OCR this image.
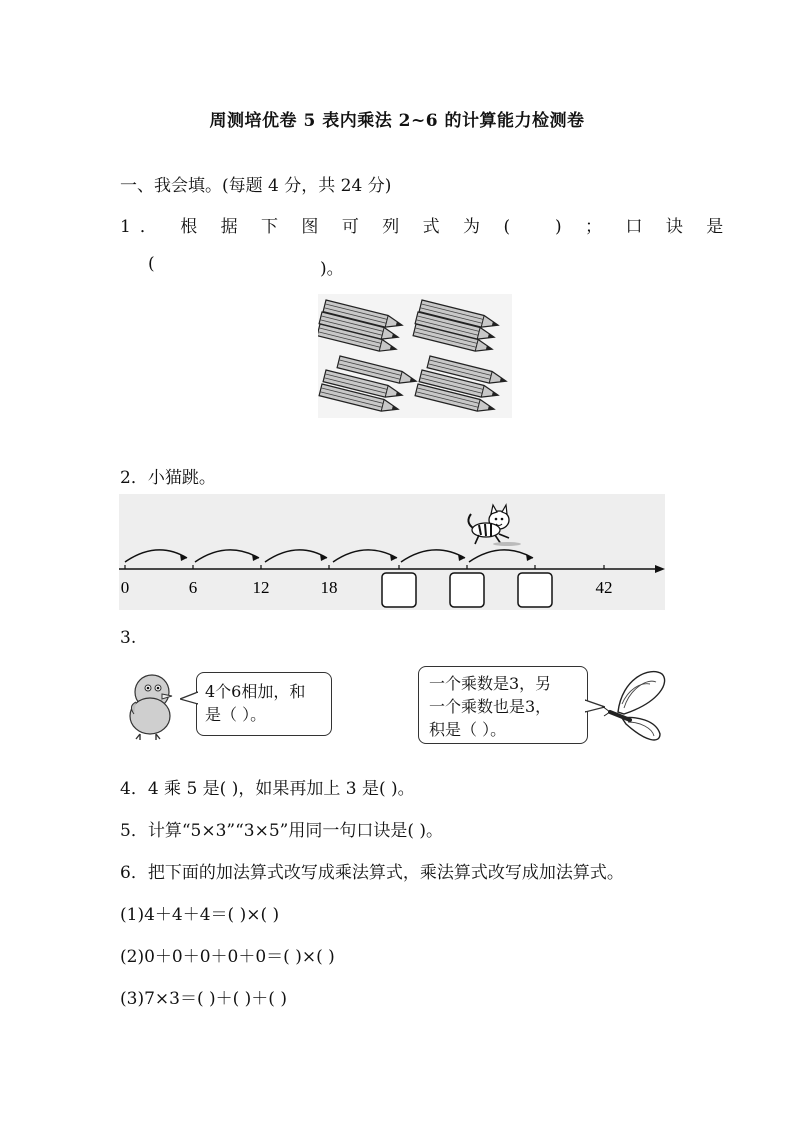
周测培优卷 5 表内乘法 2~6 的计算能力检测卷
一、我会填。(每题 4 分，共 24 分)
1． 根 据 下 图 可 列 式 为 ( ) ； 口 诀 是
(	)。
2．小猫跳。
0	6	12	18	42
3.
4个6相加，和
是（ ）。
一个乘数是3，另
一个乘数也是3，
积是（ ）。
4．4 乘 5 是( )，如果再加上 3 是( )。
5．计算“5×3”“3×5”用同一句口诀是( )。
6．把下面的加法算式改写成乘法算式，乘法算式改写成加法算式。
(1)4＋4＋4＝( )×( )
(2)0＋0＋0＋0＋0＝( )×( )
(3)7×3＝( )＋( )＋( )
